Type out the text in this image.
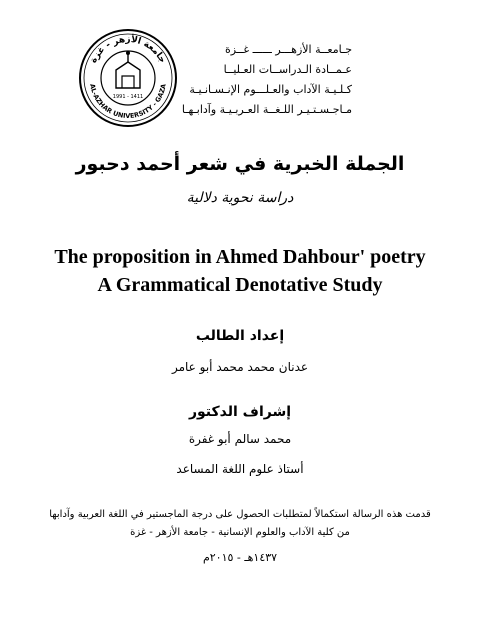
جامعة الأزهر - غزة
AL-AZHAR UNIVERSITY - GAZA
1991 - 1411
جـامعــة الأزهـــر ــــــ غــزة
عـمــادة الـدراســات العـليــا
كـلـيـة الآداب والعـلـــوم الإنـسـانـيـة
مـاجـسـتـيـر اللـغــة العـربـيـة وآدابـهـا
الجملة الخبرية في شعر أحمد دحبور
دراسة نحوية دلالية
The proposition in Ahmed Dahbour' poetry
A Grammatical Denotative Study
إعداد الطالب
عدنان محمد محمد أبو عامر
إشراف الدكتور
محمد سالم أبو غفرة
أستاذ علوم اللغة المساعد
قدمت هذه الرسالة استكمالاً لمتطلبات الحصول على درجة الماجستير في اللغة العربية وآدابها
من كلية الآداب والعلوم الإنسانية - جامعة الأزهر - غزة
١٤٣٧هـ - ٢٠١٥م
